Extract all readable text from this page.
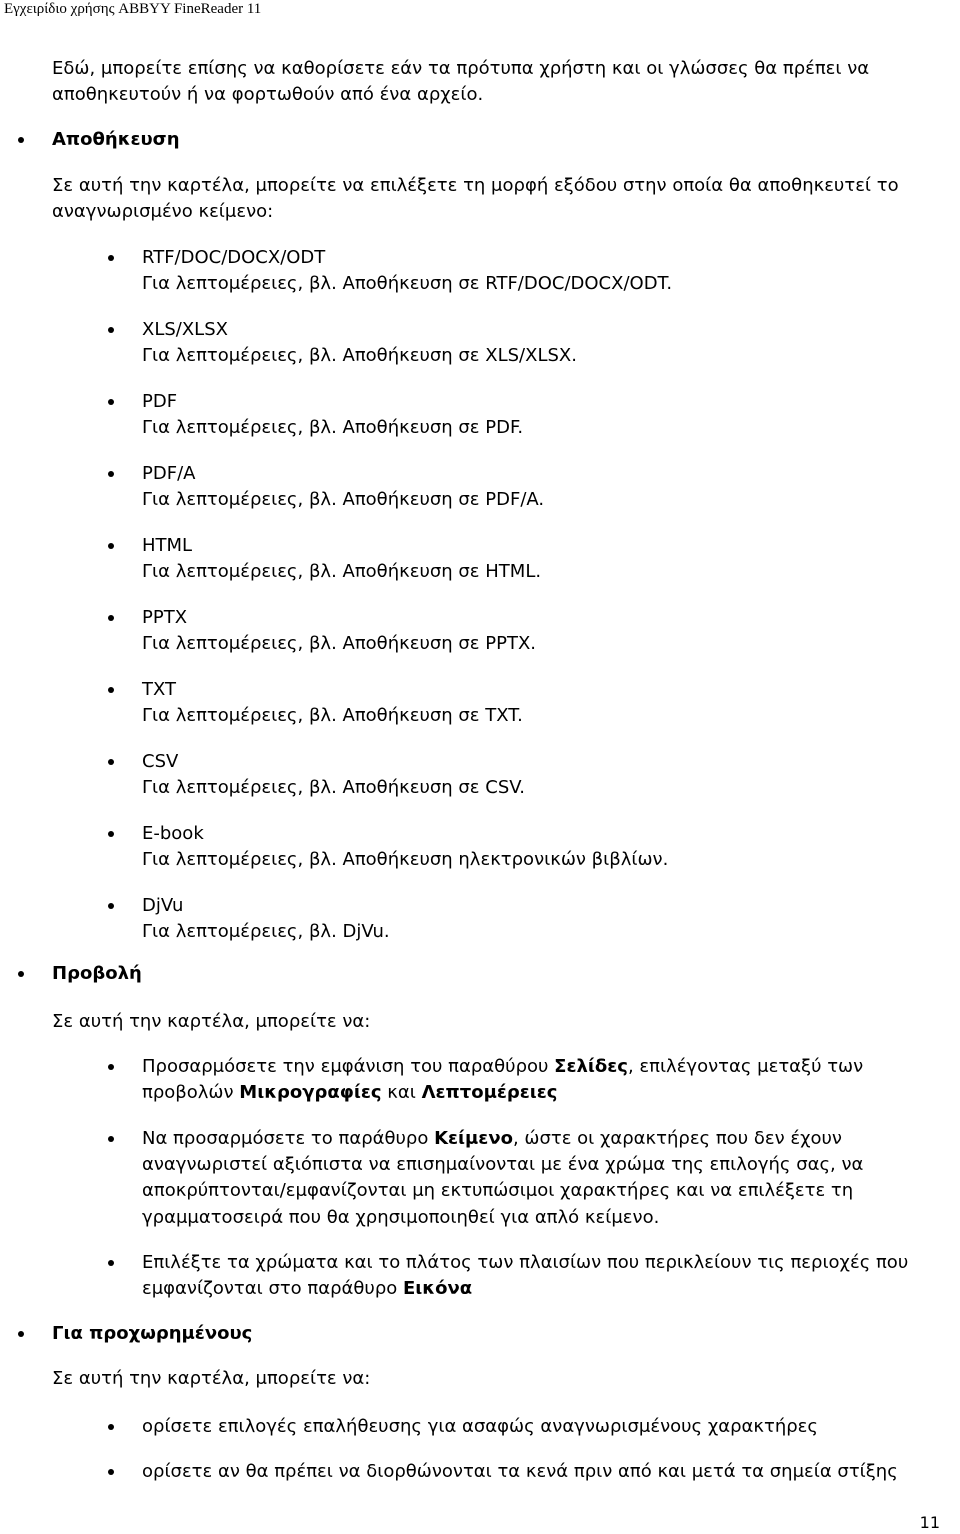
Εγχειρίδιο χρήσης ABBYY FineReader 11
Εδώ, μπορείτε επίσης να καθορίσετε εάν τα πρότυπα χρήστη και οι γλώσσες θα πρέπει να
αποθηκευτούν ή να φορτωθούν από ένα αρχείο.
Αποθήκευση
Σε αυτή την καρτέλα, μπορείτε να επιλέξετε τη μορφή εξόδου στην οποία θα αποθηκευτεί το
αναγνωρισμένο κείμενο:
RTF/DOC/DOCX/ODT
Για λεπτομέρειες, βλ. Αποθήκευση σε RTF/DOC/DOCX/ODT.
XLS/XLSX
Για λεπτομέρειες, βλ. Αποθήκευση σε XLS/XLSX.
PDF
Για λεπτομέρειες, βλ. Αποθήκευση σε PDF.
PDF/A
Για λεπτομέρειες, βλ. Αποθήκευση σε PDF/A.
HTML
Για λεπτομέρειες, βλ. Αποθήκευση σε HTML.
PPTX
Για λεπτομέρειες, βλ. Αποθήκευση σε PPTX.
TXT
Για λεπτομέρειες, βλ. Αποθήκευση σε TXT.
CSV
Για λεπτομέρειες, βλ. Αποθήκευση σε CSV.
E-book
Για λεπτομέρειες, βλ. Αποθήκευση ηλεκτρονικών βιβλίων.
DjVu
Για λεπτομέρειες, βλ. DjVu.
Προβολή
Σε αυτή την καρτέλα, μπορείτε να:
Προσαρμόσετε την εμφάνιση του παραθύρου Σελίδες, επιλέγοντας μεταξύ των
προβολών Μικρογραφίες και Λεπτομέρειες
Να προσαρμόσετε το παράθυρο Κείμενο, ώστε οι χαρακτήρες που δεν έχουν
αναγνωριστεί αξιόπιστα να επισημαίνονται με ένα χρώμα της επιλογής σας, να
αποκρύπτονται/εμφανίζονται μη εκτυπώσιμοι χαρακτήρες και να επιλέξετε τη
γραμματοσειρά που θα χρησιμοποιηθεί για απλό κείμενο.
Επιλέξτε τα χρώματα και το πλάτος των πλαισίων που περικλείουν τις περιοχές που
εμφανίζονται στο παράθυρο Εικόνα
Για προχωρημένους
Σε αυτή την καρτέλα, μπορείτε να:
ορίσετε επιλογές επαλήθευσης για ασαφώς αναγνωρισμένους χαρακτήρες
ορίσετε αν θα πρέπει να διορθώνονται τα κενά πριν από και μετά τα σημεία στίξης
11
